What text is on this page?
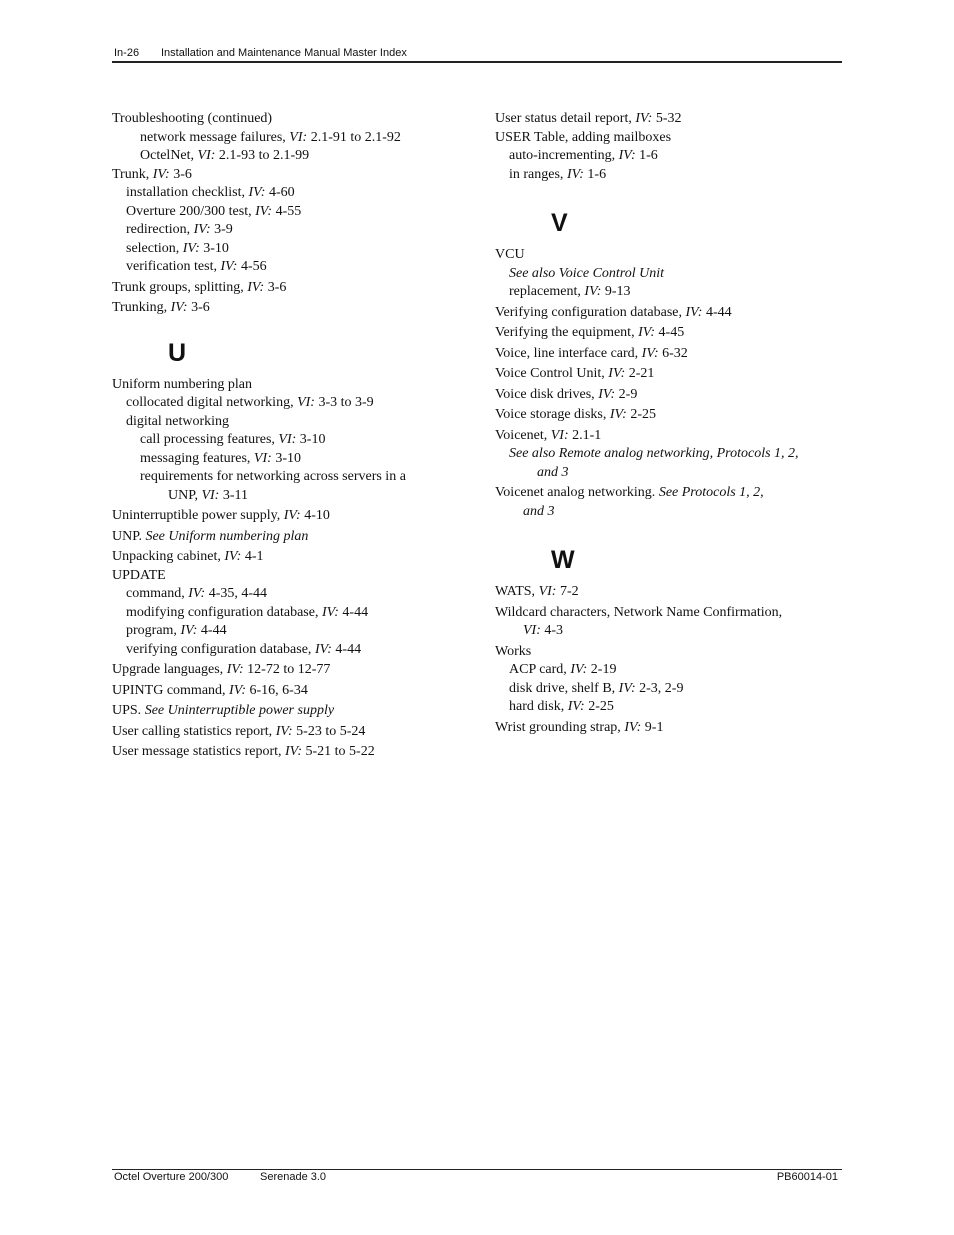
In-26 Installation and Maintenance Manual Master Index
Troubleshooting (continued)
network message failures, VI: 2.1-91 to 2.1-92
OctelNet, VI: 2.1-93 to 2.1-99
Trunk, IV: 3-6
installation checklist, IV: 4-60
Overture 200/300 test, IV: 4-55
redirection, IV: 3-9
selection, IV: 3-10
verification test, IV: 4-56
Trunk groups, splitting, IV: 3-6
Trunking, IV: 3-6
U
Uniform numbering plan
collocated digital networking, VI: 3-3 to 3-9
digital networking
call processing features, VI: 3-10
messaging features, VI: 3-10
requirements for networking across servers in a
UNP, VI: 3-11
Uninterruptible power supply, IV: 4-10
UNP. See Uniform numbering plan
Unpacking cabinet, IV: 4-1
UPDATE
command, IV: 4-35, 4-44
modifying configuration database, IV: 4-44
program, IV: 4-44
verifying configuration database, IV: 4-44
Upgrade languages, IV: 12-72 to 12-77
UPINTG command, IV: 6-16, 6-34
UPS. See Uninterruptible power supply
User calling statistics report, IV: 5-23 to 5-24
User message statistics report, IV: 5-21 to 5-22
User status detail report, IV: 5-32
USER Table, adding mailboxes
auto-incrementing, IV: 1-6
in ranges, IV: 1-6
V
VCU
See also Voice Control Unit
replacement, IV: 9-13
Verifying configuration database, IV: 4-44
Verifying the equipment, IV: 4-45
Voice, line interface card, IV: 6-32
Voice Control Unit, IV: 2-21
Voice disk drives, IV: 2-9
Voice storage disks, IV: 2-25
Voicenet, VI: 2.1-1
See also Remote analog networking, Protocols 1, 2,
and 3
Voicenet analog networking. See Protocols 1, 2,
and 3
W
WATS, VI: 7-2
Wildcard characters, Network Name Confirmation,
VI: 4-3
Works
ACP card, IV: 2-19
disk drive, shelf B, IV: 2-3, 2-9
hard disk, IV: 2-25
Wrist grounding strap, IV: 9-1
Octel Overture 200/300	Serenade 3.0	PB60014-01
